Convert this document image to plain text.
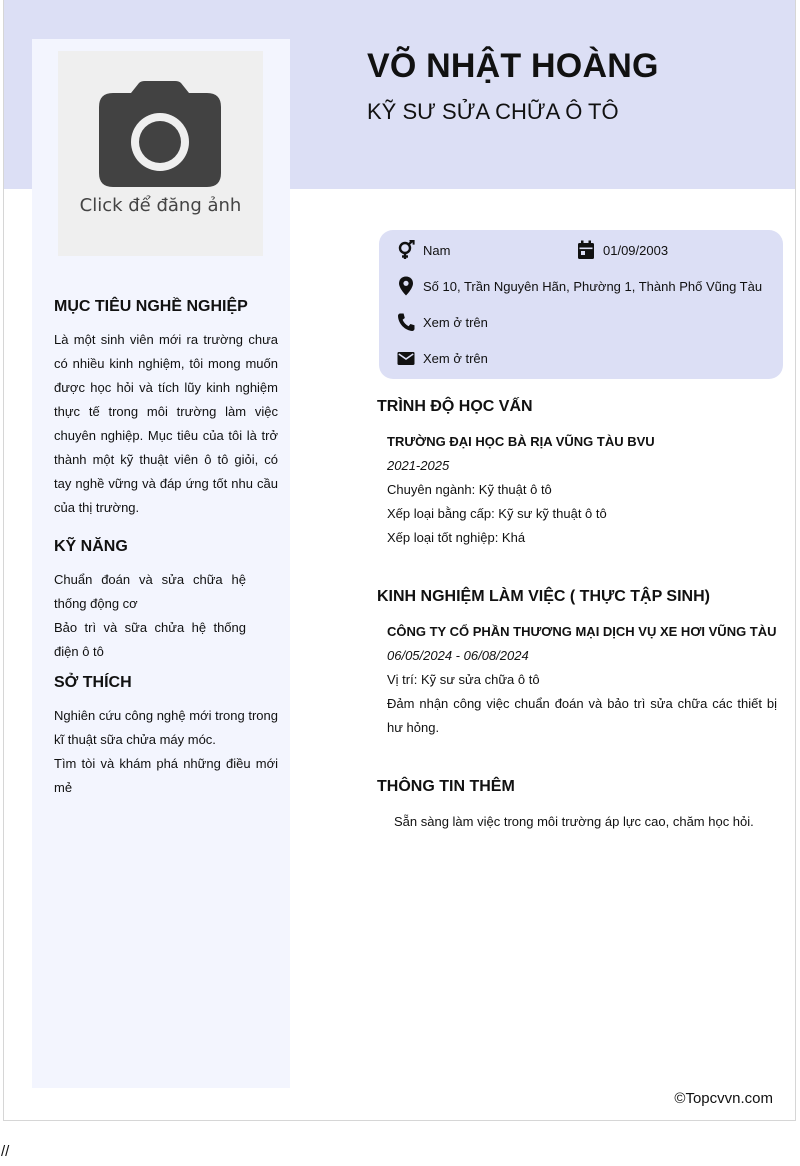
Click để đăng ảnh
VÕ NHẬT HOÀNG
KỸ SƯ SỬA CHỮA Ô TÔ
MỤC TIÊU NGHỀ NGHIỆP

Là một sinh viên mới ra trường chưa có nhiều kinh nghiệm, tôi mong muốn được học hỏi và tích lũy kinh nghiệm thực tế trong môi trường làm việc chuyên nghiệp. Mục tiêu của tôi là trở thành một kỹ thuật viên ô tô giỏi, có tay nghề vững và đáp ứng tốt nhu cầu của thị trường.

KỸ NĂNG

Chuẩn đoán và sửa chữa hệ thống động cơ

Bảo trì và sữa chửa hệ thống điện ô tô

SỞ THÍCH

Nghiên cứu công nghệ mới trong trong kĩ thuật sữa chửa máy móc.

Tìm tòi và khám phá những điều mới mẻ

Nam	01/09/2003
Số 10, Trần Nguyên Hãn, Phường 1, Thành Phố Vũng Tàu
Xem ở trên
Xem ở trên
TRÌNH ĐỘ HỌC VẤN
TRƯỜNG ĐẠI HỌC BÀ RỊA VŨNG TÀU BVU
2021-2025
Chuyên ngành: Kỹ thuật ô tô
Xếp loại bằng cấp: Kỹ sư kỹ thuật ô tô
Xếp loại tốt nghiệp: Khá
KINH NGHIỆM LÀM VIỆC ( THỰC TẬP SINH)
CÔNG TY CỔ PHẦN THƯƠNG MẠI DỊCH VỤ XE HƠI VŨNG TÀU
06/05/2024 - 06/08/2024
Vị trí: Kỹ sư sửa chữa ô tô
Đảm nhận công việc chuẩn đoán và bảo trì sửa chữa các thiết bị hư hỏng.
THÔNG TIN THÊM
Sẵn sàng làm việc trong môi trường áp lực cao, chăm học hỏi.
©Topcvvn.com
//
